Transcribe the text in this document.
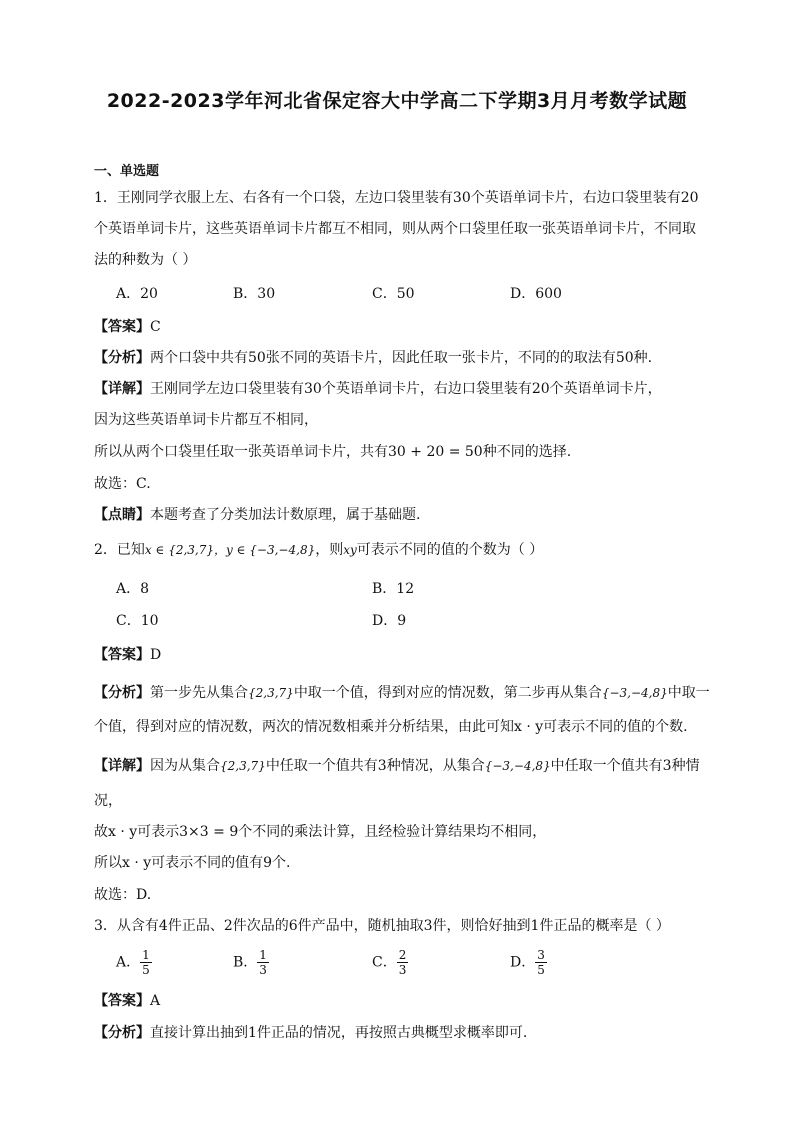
2022-2023学年河北省保定容大中学高二下学期3月月考数学试题
一、单选题
1．王刚同学衣服上左、右各有一个口袋，左边口袋里装有30个英语单词卡片，右边口袋里装有20
个英语单词卡片，这些英语单词卡片都互不相同，则从两个口袋里任取一张英语单词卡片，不同取
法的种数为（ ）
A．20	B．30	C．50	D．600
【答案】C
【分析】两个口袋中共有50张不同的英语卡片，因此任取一张卡片，不同的的取法有50种.
【详解】王刚同学左边口袋里装有30个英语单词卡片，右边口袋里装有20个英语单词卡片，
因为这些英语单词卡片都互不相同，
所以从两个口袋里任取一张英语单词卡片，共有30 + 20 = 50种不同的选择.
故选：C.
【点睛】本题考查了分类加法计数原理，属于基础题.
2．已知x ∈ {2,3,7}，y ∈ {−3,−4,8}，则xy可表示不同的值的个数为（ ）
A．8	B．12
C．10	D．9
【答案】D
【分析】第一步先从集合{2,3,7}中取一个值，得到对应的情况数，第二步再从集合{−3,−4,8}中取一
个值，得到对应的情况数，两次的情况数相乘并分析结果，由此可知x · y可表示不同的值的个数.
【详解】因为从集合{2,3,7}中任取一个值共有3种情况，从集合{−3,−4,8}中任取一个值共有3种情
况，
故x · y可表示3×3 = 9个不同的乘法计算，且经检验计算结果均不相同，
所以x · y可表示不同的值有9个.
故选：D.
3．从含有4件正品、2件次品的6件产品中，随机抽取3件，则恰好抽到1件正品的概率是（ ）
A． $\frac{1}{5}$	B． $\frac{1}{3}$	C． $\frac{2}{3}$	D． $\frac{3}{5}$
【答案】A
【分析】直接计算出抽到1件正品的情况，再按照古典概型求概率即可.
